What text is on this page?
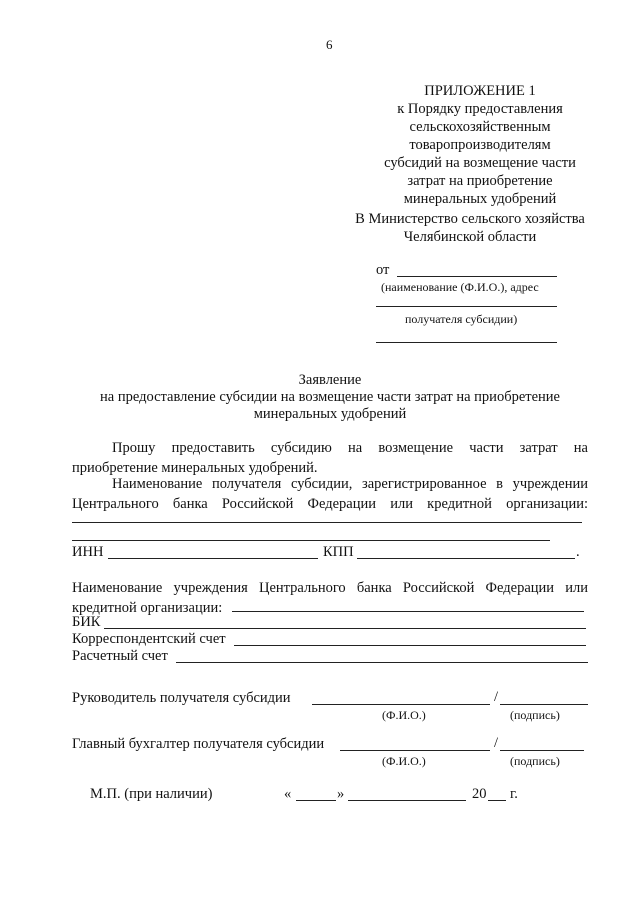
6
ПРИЛОЖЕНИЕ 1
к Порядку предоставления
сельскохозяйственным
товаропроизводителям
субсидий на возмещение части
затрат на приобретение
минеральных удобрений
В Министерство сельского хозяйства
Челябинской области
от
(наименование (Ф.И.О.), адрес
получателя субсидии)
Заявление
на предоставление субсидии на возмещение части затрат на приобретение
минеральных удобрений
Прошу предоставить субсидию на возмещение части затрат на
приобретение минеральных удобрений.
Наименование получателя субсидии, зарегистрированное в учреждении
Центрального банка Российской Федерации или кредитной организации:
ИНН	КПП	.
Наименование учреждения Центрального банка Российской Федерации или
кредитной организации:
БИК
Корреспондентский счет
Расчетный счет
Руководитель получателя субсидии	/
(Ф.И.О.)	(подпись)
Главный бухгалтер получателя субсидии	/
(Ф.И.О.)	(подпись)
М.П. (при наличии)	«	»	20 г.
